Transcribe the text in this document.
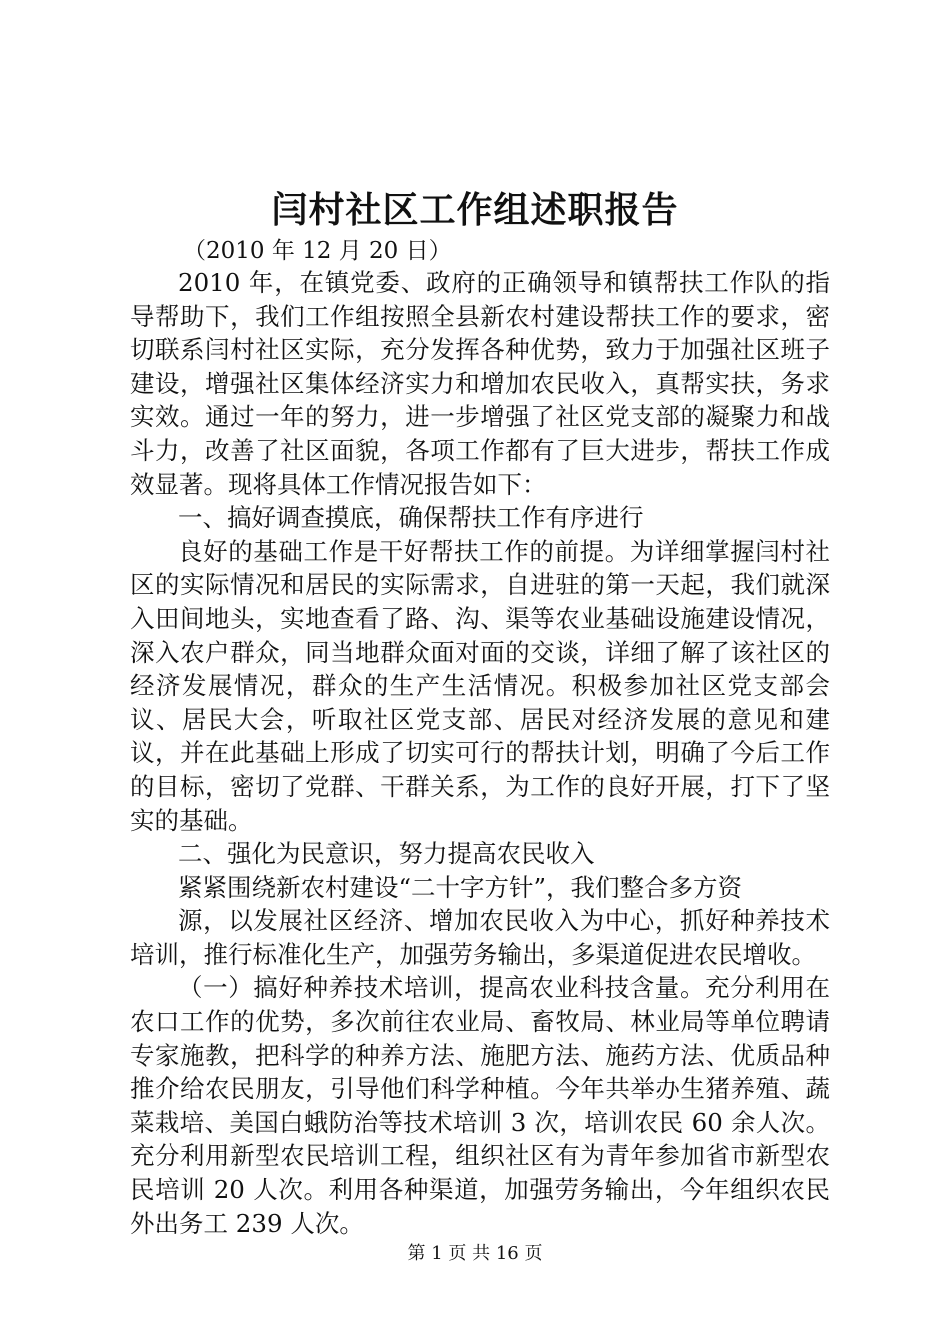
闫村社区工作组述职报告
（2010 年 12 月 20 日）

2010 年，在镇党委、政府的正确领导和镇帮扶工作队的指导帮助下，我们工作组按照全县新农村建设帮扶工作的要求，密切联系闫村社区实际，充分发挥各种优势，致力于加强社区班子建设，增强社区集体经济实力和增加农民收入，真帮实扶，务求实效。通过一年的努力，进一步增强了社区党支部的凝聚力和战斗力，改善了社区面貌，各项工作都有了巨大进步，帮扶工作成效显著。现将具体工作情况报告如下：

一、搞好调查摸底，确保帮扶工作有序进行

良好的基础工作是干好帮扶工作的前提。为详细掌握闫村社区的实际情况和居民的实际需求，自进驻的第一天起，我们就深入田间地头，实地查看了路、沟、渠等农业基础设施建设情况，深入农户群众，同当地群众面对面的交谈，详细了解了该社区的经济发展情况，群众的生产生活情况。积极参加社区党支部会议、居民大会，听取社区党支部、居民对经济发展的意见和建议，并在此基础上形成了切实可行的帮扶计划，明确了今后工作的目标，密切了党群、干群关系，为工作的良好开展，打下了坚实的基础。

二、强化为民意识，努力提高农民收入

紧紧围绕新农村建设“二十字方针”，我们整合多方资

源，以发展社区经济、增加农民收入为中心，抓好种养技术培训，推行标准化生产，加强劳务输出，多渠道促进农民增收。

（一）搞好种养技术培训，提高农业科技含量。充分利用在农口工作的优势，多次前往农业局、畜牧局、林业局等单位聘请专家施教，把科学的种养方法、施肥方法、施药方法、优质品种推介给农民朋友，引导他们科学种植。今年共举办生猪养殖、蔬菜栽培、美国白蛾防治等技术培训 3 次，培训农民 60 余人次。充分利用新型农民培训工程，组织社区有为青年参加省市新型农民培训 20 人次。利用各种渠道，加强劳务输出，今年组织农民外出务工 239 人次。

第 1 页 共 16 页
